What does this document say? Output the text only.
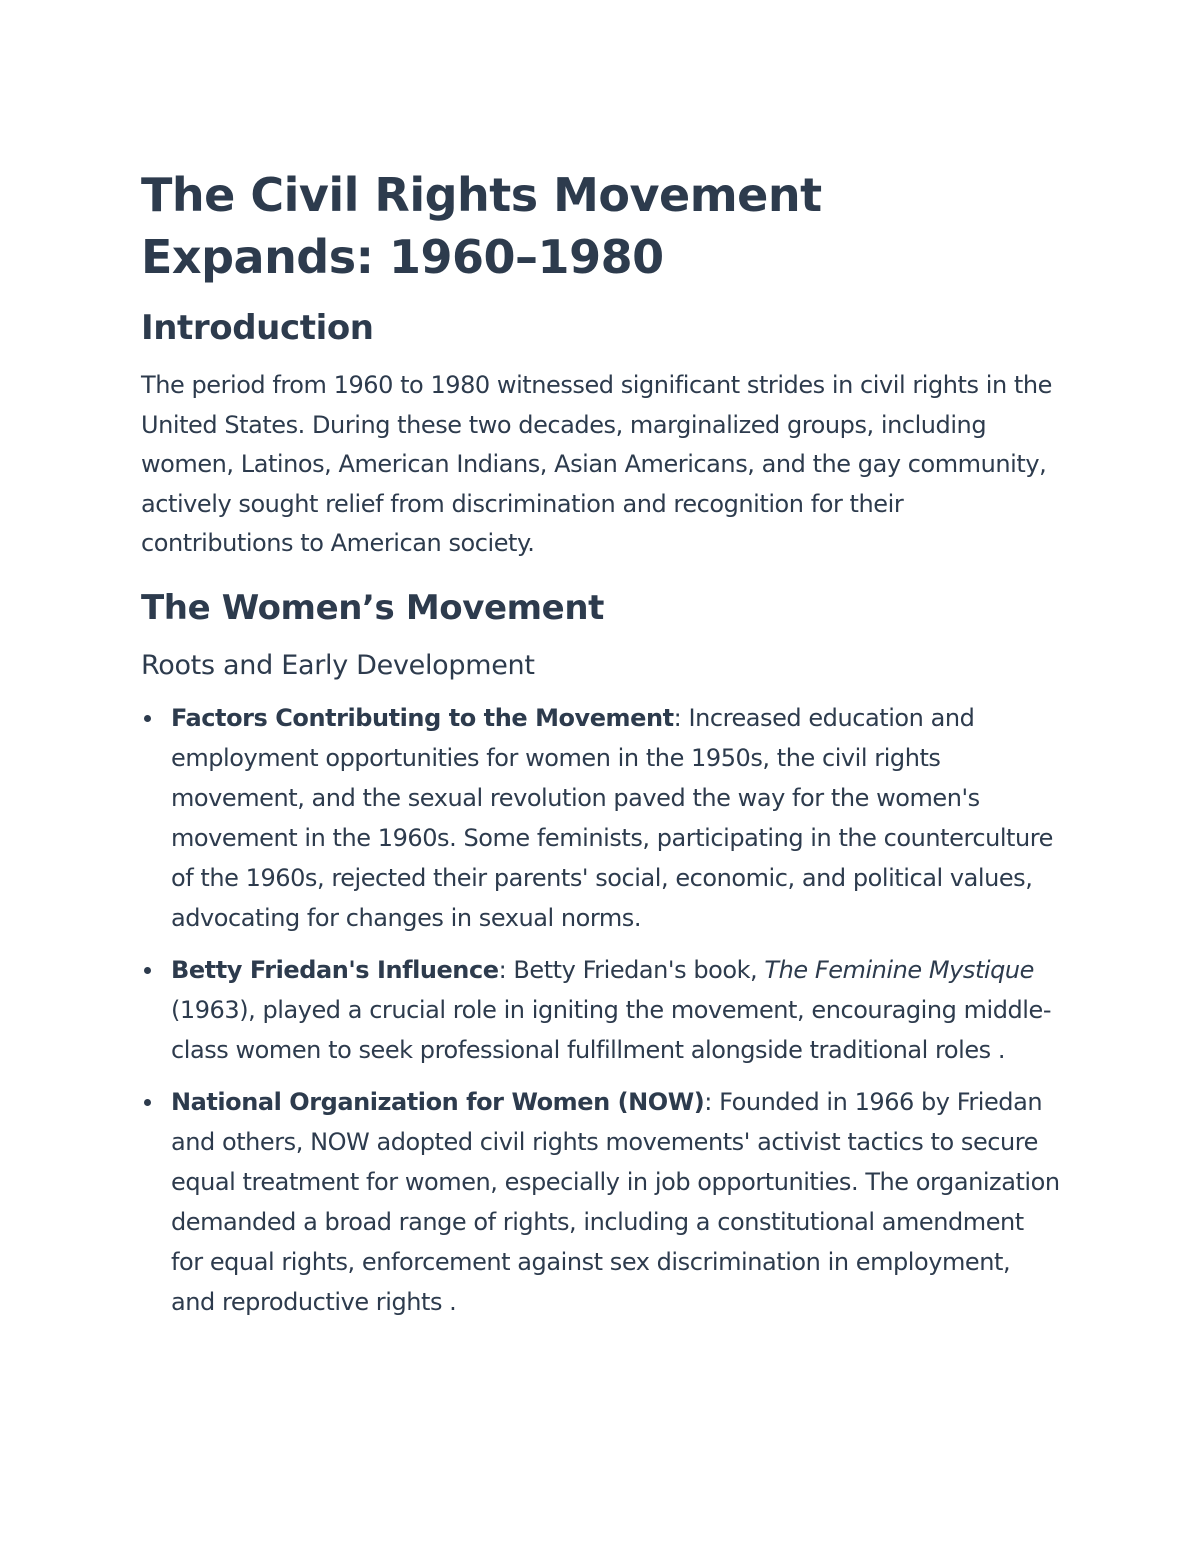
The Civil Rights Movement Expands: 1960–1980
Introduction

The period from 1960 to 1980 witnessed significant strides in civil rights in the United States. During these two decades, marginalized groups, including women, Latinos, American Indians, Asian Americans, and the gay community, actively sought relief from discrimination and recognition for their contributions to American society.

The Women’s Movement
Roots and Early Development
Factors Contributing to the Movement: Increased education and employment opportunities for women in the 1950s, the civil rights movement, and the sexual revolution paved the way for the women's movement in the 1960s. Some feminists, participating in the counterculture of the 1960s, rejected their parents' social, economic, and political values, advocating for changes in sexual norms.
Betty Friedan's Influence: Betty Friedan's book, The Feminine Mystique (1963), played a crucial role in igniting the movement, encouraging middle-class women to seek professional fulfillment alongside traditional roles .
National Organization for Women (NOW): Founded in 1966 by Friedan and others, NOW adopted civil rights movements' activist tactics to secure equal treatment for women, especially in job opportunities. The organization demanded a broad range of rights, including a constitutional amendment for equal rights, enforcement against sex discrimination in employment, and reproductive rights .
